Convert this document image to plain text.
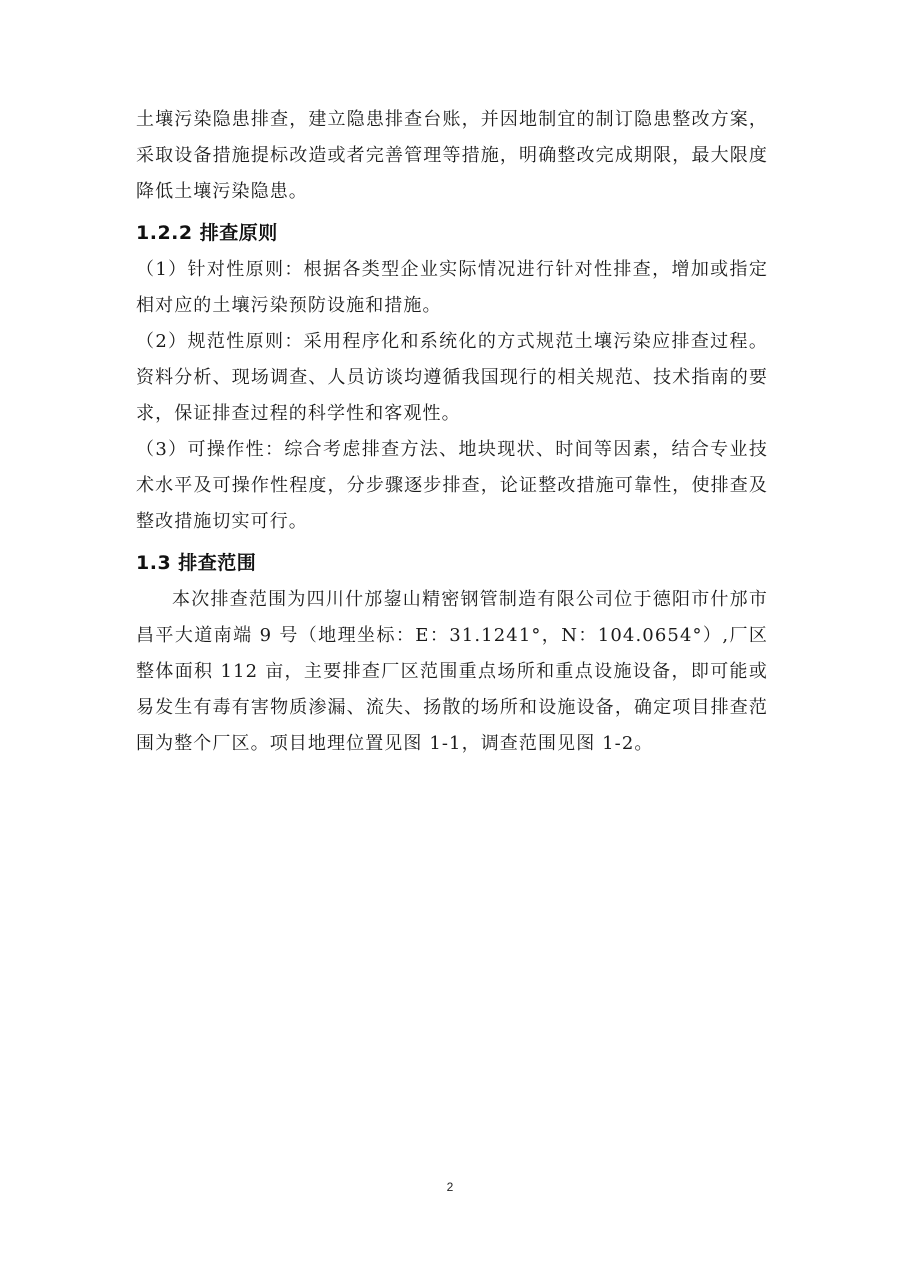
土壤污染隐患排查，建立隐患排查台账，并因地制宜的制订隐患整改方案，采取设备措施提标改造或者完善管理等措施，明确整改完成期限，最大限度降低土壤污染隐患。

1.2.2 排查原则

（1）针对性原则：根据各类型企业实际情况进行针对性排查，增加或指定相对应的土壤污染预防设施和措施。

（2）规范性原则：采用程序化和系统化的方式规范土壤污染应排查过程。资料分析、现场调查、人员访谈均遵循我国现行的相关规范、技术指南的要求，保证排查过程的科学性和客观性。

（3）可操作性：综合考虑排查方法、地块现状、时间等因素，结合专业技术水平及可操作性程度，分步骤逐步排查，论证整改措施可靠性，使排查及整改措施切实可行。

1.3 排查范围

本次排查范围为四川什邡鋆山精密钢管制造有限公司位于德阳市什邡市昌平大道南端 9 号（地理坐标：E：31.1241°，N：104.0654°）,厂区整体面积 112 亩，主要排查厂区范围重点场所和重点设施设备，即可能或易发生有毒有害物质渗漏、流失、扬散的场所和设施设备，确定项目排查范围为整个厂区。项目地理位置见图 1-1，调查范围见图 1-2。

2
